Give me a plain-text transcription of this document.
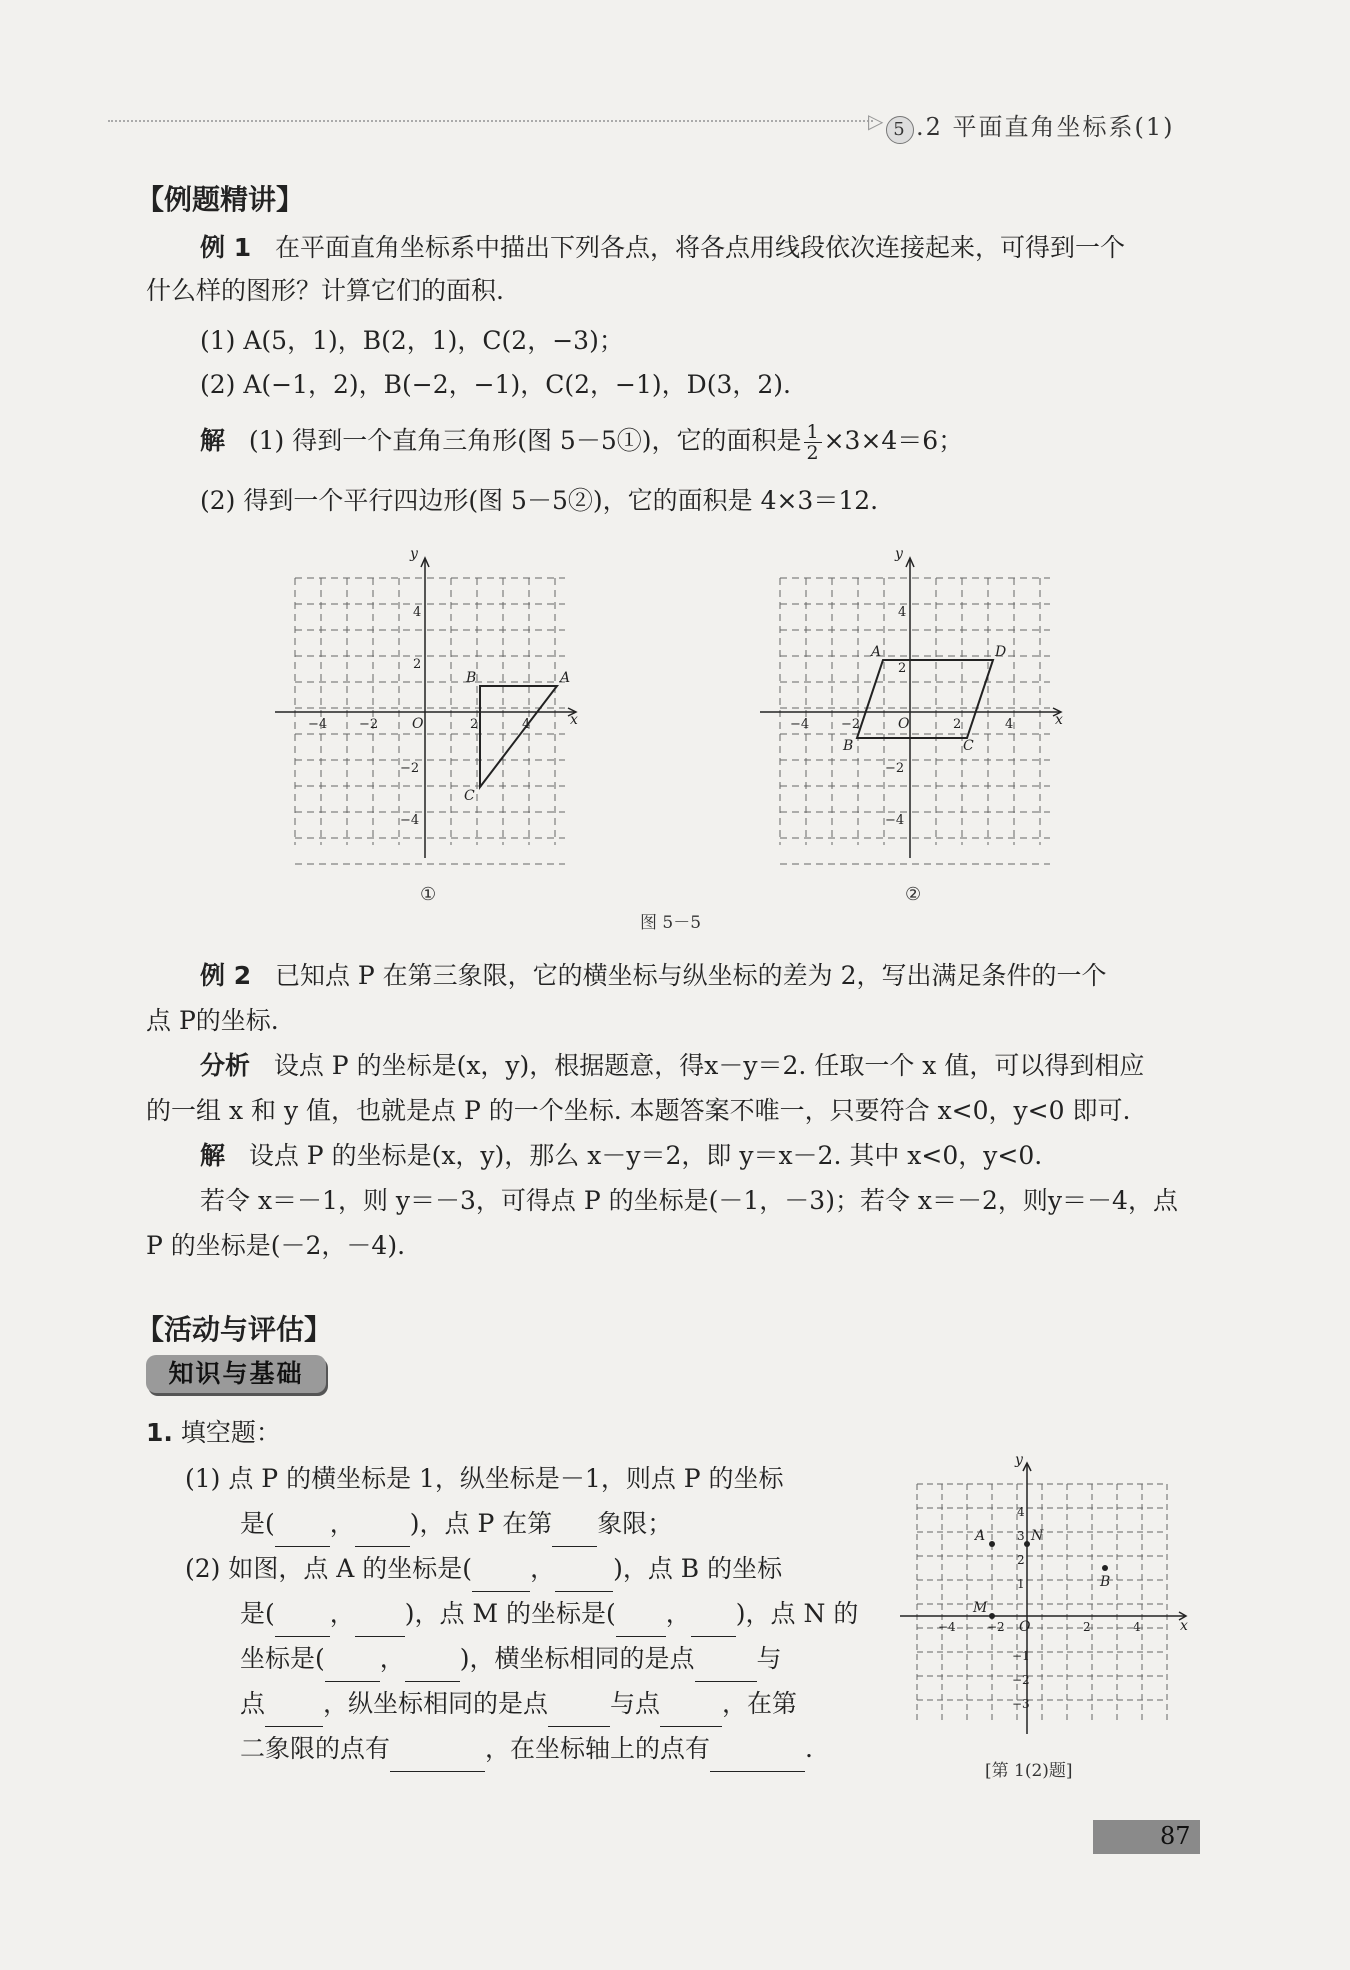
▷ 5 .2 平面直角坐标系(1)
【例题精讲】
例 1 在平面直角坐标系中描出下列各点，将各点用线段依次连接起来，可得到一个
什么样的图形？计算它们的面积.
(1) A(5，1)，B(2，1)，C(2，−3)；
(2) A(−1，2)，B(−2，−1)，C(2，−1)，D(3，2).
解 (1) 得到一个直角三角形(图 5－5①)，它的面积是 $\frac{1}{2} \times 3\times 4=6$；
(2) 得到一个平行四边形(图 5－5②)，它的面积是 4×3＝12.
y
x
O
B	A
C
−4 −2	2	4
4
2
−2
−4
①
y
x
O
A	D
B	C
−4 −2	2	4
4
2
−2
−4
②
图 5－5
例 2 已知点 P 在第三象限，它的横坐标与纵坐标的差为 2，写出满足条件的一个
点 P的坐标.
分析 设点 P 的坐标是(x，y)，根据题意，得x－y＝2. 任取一个 x 值，可以得到相应
的一组 x 和 y 值，也就是点 P 的一个坐标. 本题答案不唯一，只要符合 x<0，y<0 即可.
解 设点 P 的坐标是(x，y)，那么 x－y＝2，即 y＝x－2. 其中 x<0，y<0.
若令 x＝－1，则 y＝－3，可得点 P 的坐标是(－1，－3)；若令 x＝－2，则y＝－4，点
P 的坐标是(－2，－4).
【活动与评估】
知识与基础
1. 填空题：
(1) 点 P 的横坐标是 1，纵坐标是－1，则点 P 的坐标
是( ， )，点 P 在第 象限；
(2) 如图，点 A 的坐标是( ， )，点 B 的坐标
是( ， )，点 M 的坐标是( ， )，点 N 的
坐标是( ， )，横坐标相同的是点 与
点 ，纵坐标相同的是点 与点 ，在第
二象限的点有	，在坐标轴上的点有	.
y
x
O
A
B
M
N
−4	−2	2	4
4
3
2
1
−1
−2
−3
[第 1(2)题]
87
